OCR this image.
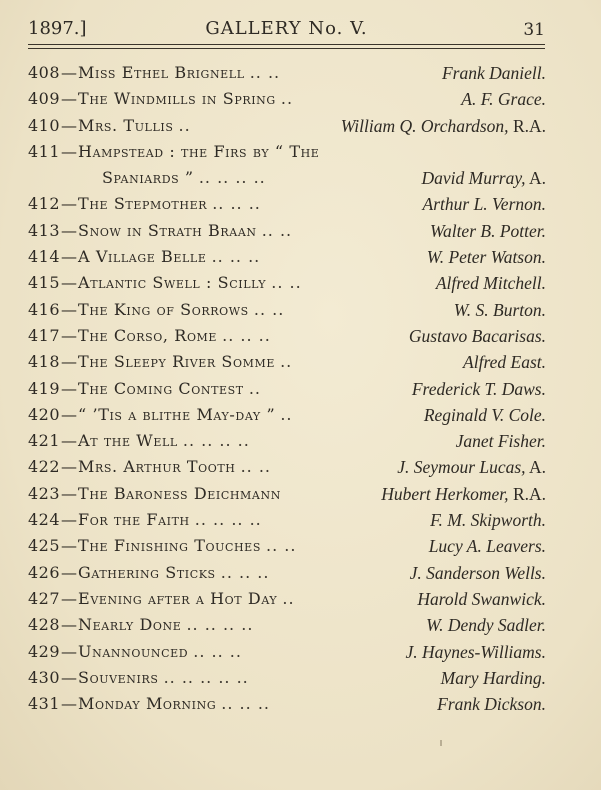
1897.]	GALLERY No. V.	31
408—Miss Ethel Brignell .. ..	Frank Daniell.
409—The Windmills in Spring ..	A. F. Grace.
410—Mrs. Tullis ..	William Q. Orchardson, R.A.
411—Hampstead : the Firs by “ The
Spaniards ” .. .. .. ..	David Murray, A.
412—The Stepmother .. .. ..	Arthur L. Vernon.
413—Snow in Strath Braan .. ..	Walter B. Potter.
414—A Village Belle .. .. ..	W. Peter Watson.
415—Atlantic Swell : Scilly .. ..	Alfred Mitchell.
416—The King of Sorrows .. ..	W. S. Burton.
417—The Corso, Rome .. .. ..	Gustavo Bacarisas.
418—The Sleepy River Somme ..	Alfred East.
419—The Coming Contest ..	Frederick T. Daws.
420—“ ’Tis a blithe May-day ” ..	Reginald V. Cole.
421—At the Well .. .. .. ..	Janet Fisher.
422—Mrs. Arthur Tooth .. ..	J. Seymour Lucas, A.
423—The Baroness Deichmann	Hubert Herkomer, R.A.
424—For the Faith .. .. .. ..	F. M. Skipworth.
425—The Finishing Touches .. ..	Lucy A. Leavers.
426—Gathering Sticks .. .. ..	J. Sanderson Wells.
427—Evening after a Hot Day ..	Harold Swanwick.
428—Nearly Done .. .. .. ..	W. Dendy Sadler.
429—Unannounced .. .. ..	J. Haynes-Williams.
430—Souvenirs .. .. .. .. ..	Mary Harding.
431—Monday Morning .. .. ..	Frank Dickson.
